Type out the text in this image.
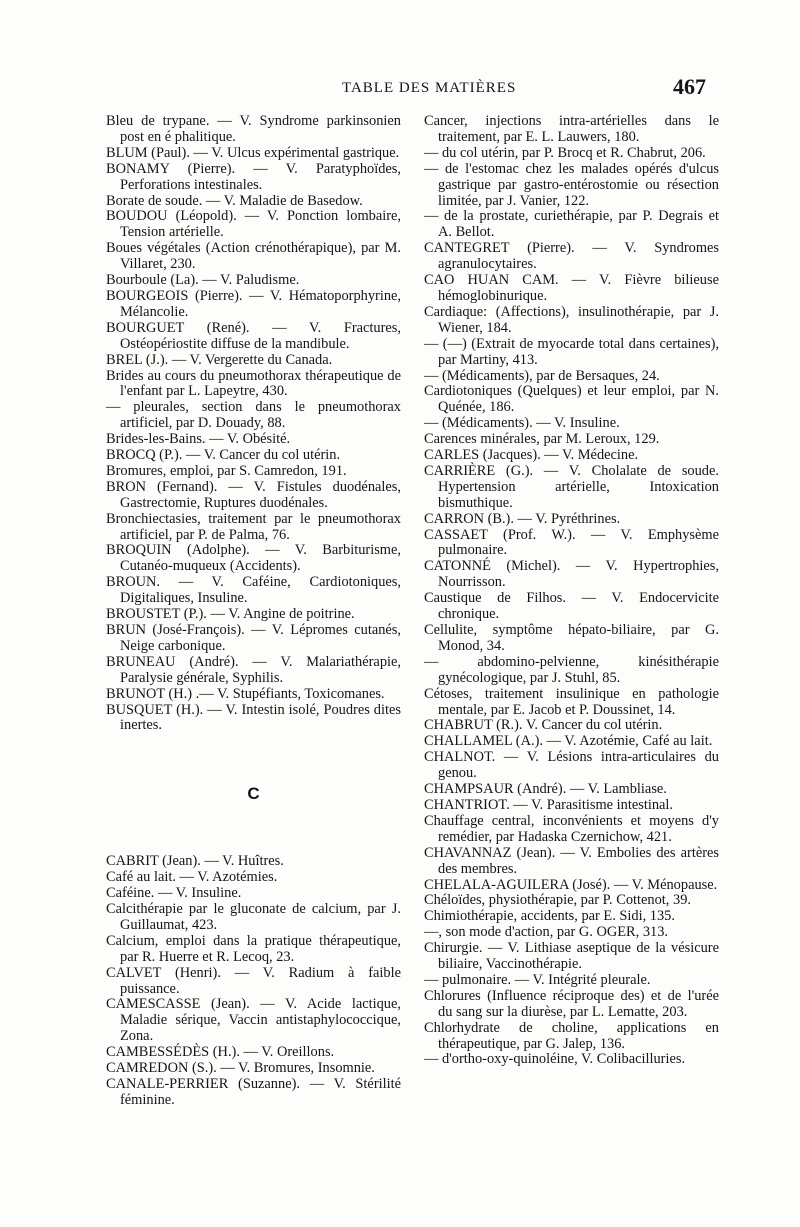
TABLE DES MATIÈRES	467

Bleu de trypane. — V. Syndrome parkinsonien post en é phalitique.

BLUM (Paul). — V. Ulcus expérimental gastrique.

BONAMY (Pierre). — V. Paratyphoïdes, Perforations intestinales.

Borate de soude. — V. Maladie de Basedow.

BOUDOU (Léopold). — V. Ponction lombaire, Tension artérielle.

Boues végétales (Action crénothérapique), par M. Villaret, 230.

Bourboule (La). — V. Paludisme.

BOURGEOIS (Pierre). — V. Hématoporphyrine, Mélancolie.

BOURGUET (René). — V. Fractures, Ostéopériostite diffuse de la mandibule.

BREL (J.). — V. Vergerette du Canada.

Brides au cours du pneumothorax thérapeutique de l'enfant par L. Lapeytre, 430.

— pleurales, section dans le pneumothorax artificiel, par D. Douady, 88.

Brides-les-Bains. — V. Obésité.

BROCQ (P.). — V. Cancer du col utérin.

Bromures, emploi, par S. Camredon, 191.

BRON (Fernand). — V. Fistules duodénales, Gastrectomie, Ruptures duodénales.

Bronchiectasies, traitement par le pneumothorax artificiel, par P. de Palma, 76.

BROQUIN (Adolphe). — V. Barbiturisme, Cutanéo-muqueux (Accidents).

BROUN. — V. Caféine, Cardiotoniques, Digitaliques, Insuline.

BROUSTET (P.). — V. Angine de poitrine.

BRUN (José-François). — V. Lépromes cutanés, Neige carbonique.

BRUNEAU (André). — V. Malariathérapie, Paralysie générale, Syphilis.

BRUNOT (H.) .— V. Stupéfiants, Toxicomanes.

BUSQUET (H.). — V. Intestin isolé, Poudres dites inertes.

C

CABRIT (Jean). — V. Huîtres.

Café au lait. — V. Azotémies.

Caféine. — V. Insuline.

Calcithérapie par le gluconate de calcium, par J. Guillaumat, 423.

Calcium, emploi dans la pratique thérapeutique, par R. Huerre et R. Lecoq, 23.

CALVET (Henri). — V. Radium à faible puissance.

CAMESCASSE (Jean). — V. Acide lactique, Maladie sérique, Vaccin antistaphylococcique, Zona.

CAMBESSÉDÈS (H.). — V. Oreillons.

CAMREDON (S.). — V. Bromures, Insomnie.

CANALE-PERRIER (Suzanne). — V. Stérilité féminine.

Cancer, injections intra-artérielles dans le traitement, par E. L. Lauwers, 180.

— du col utérin, par P. Brocq et R. Chabrut, 206.

— de l'estomac chez les malades opérés d'ulcus gastrique par gastro-entérostomie ou résection limitée, par J. Vanier, 122.

— de la prostate, curiethérapie, par P. Degrais et A. Bellot.

CANTEGRET (Pierre). — V. Syndromes agranulocytaires.

CAO HUAN CAM. — V. Fièvre bilieuse hémoglobinurique.

Cardiaque: (Affections), insulinothérapie, par J. Wiener, 184.

— (—) (Extrait de myocarde total dans certaines), par Martiny, 413.

— (Médicaments), par de Bersaques, 24.

Cardiotoniques (Quelques) et leur emploi, par N. Quénée, 186.

— (Médicaments). — V. Insuline.

Carences minérales, par M. Leroux, 129.

CARLES (Jacques). — V. Médecine.

CARRIÈRE (G.). — V. Cholalate de soude. Hypertension artérielle, Intoxication bismuthique.

CARRON (B.). — V. Pyréthrines.

CASSAET (Prof. W.). — V. Emphysème pulmonaire.

CATONNÉ (Michel). — V. Hypertrophies, Nourrisson.

Caustique de Filhos. — V. Endocervicite chronique.

Cellulite, symptôme hépato-biliaire, par G. Monod, 34.

— abdomino-pelvienne, kinésithérapie gynécologique, par J. Stuhl, 85.

Cétoses, traitement insulinique en pathologie mentale, par E. Jacob et P. Doussinet, 14.

CHABRUT (R.). V. Cancer du col utérin.

CHALLAMEL (A.). — V. Azotémie, Café au lait.

CHALNOT. — V. Lésions intra-articulaires du genou.

CHAMPSAUR (André). — V. Lambliase.

CHANTRIOT. — V. Parasitisme intestinal.

Chauffage central, inconvénients et moyens d'y remédier, par Hadaska Czernichow, 421.

CHAVANNAZ (Jean). — V. Embolies des artères des membres.

CHELALA-AGUILERA (José). — V. Ménopause.

Chéloïdes, physiothérapie, par P. Cottenot, 39.

Chimiothérapie, accidents, par E. Sidi, 135.

—, son mode d'action, par G. OGER, 313.

Chirurgie. — V. Lithiase aseptique de la vésicure biliaire, Vaccinothérapie.

— pulmonaire. — V. Intégrité pleurale.

Chlorures (Influence réciproque des) et de l'urée du sang sur la diurèse, par L. Lematte, 203.

Chlorhydrate de choline, applications en thérapeutique, par G. Jalep, 136.

— d'ortho-oxy-quinoléine, V. Colibacilluries.
